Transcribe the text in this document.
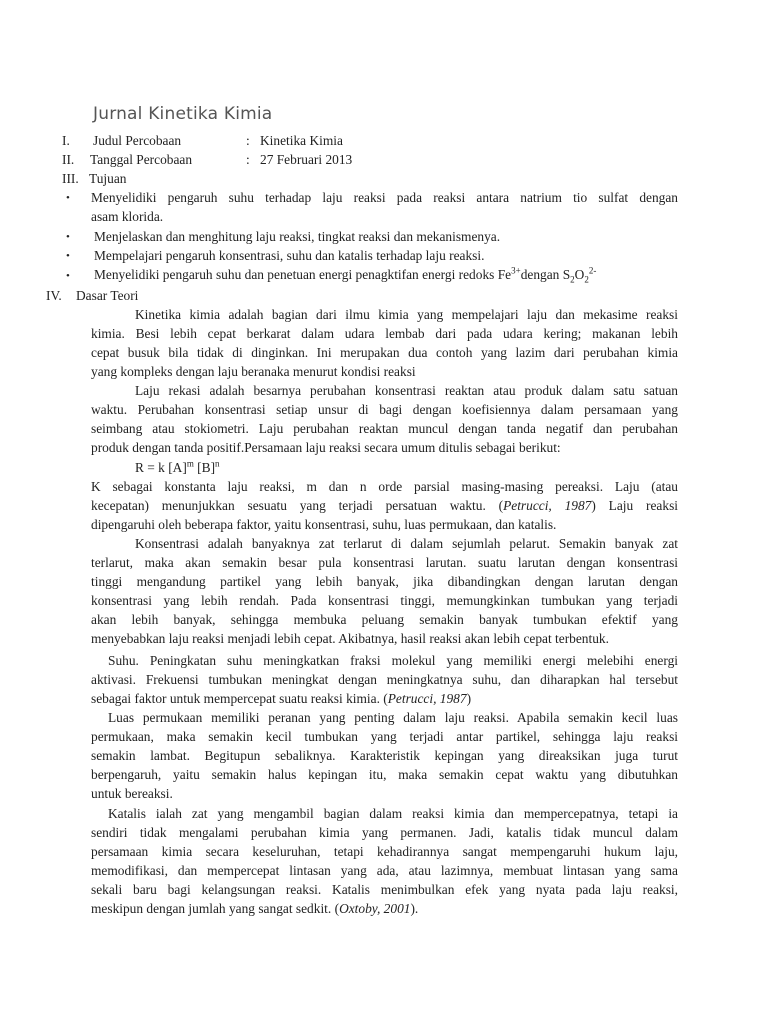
Jurnal Kinetika Kimia
I. Judul Percobaan	: Kinetika Kimia
II. Tanggal Percobaan	: 27 Februari 2013
III. Tujuan
• Menyelidiki pengaruh suhu terhadap laju reaksi pada reaksi antara natrium tio sulfat dengan
asam klorida.
• Menjelaskan dan menghitung laju reaksi, tingkat reaksi dan mekanismenya.
• Mempelajari pengaruh konsentrasi, suhu dan katalis terhadap laju reaksi.
• Menyelidiki pengaruh suhu dan penetuan energi penagktifan energi redoks $Fe^{3+}dengan$ $S_2O_2^{2-}$
IV. Dasar Teori
Kinetika kimia adalah bagian dari ilmu kimia yang mempelajari laju dan mekasime reaksi
kimia. Besi lebih cepat berkarat dalam udara lembab dari pada udara kering; makanan lebih
cepat busuk bila tidak di dinginkan. Ini merupakan dua contoh yang lazim dari perubahan kimia
yang kompleks dengan laju beranaka menurut kondisi reaksi
Laju rekasi adalah besarnya perubahan konsentrasi reaktan atau produk dalam satu satuan
waktu. Perubahan konsentrasi setiap unsur di bagi dengan koefisiennya dalam persamaan yang
seimbang atau stokiometri. Laju perubahan reaktan muncul dengan tanda negatif dan perubahan
produk dengan tanda positif.Persamaan laju reaksi secara umum ditulis sebagai berikut:
R = k $[A]^m$ $[B]^n$
K sebagai konstanta laju reaksi, m dan n orde parsial masing-masing pereaksi. Laju (atau
kecepatan) menunjukkan sesuatu yang terjadi persatuan waktu. (Petrucci, 1987) Laju reaksi
dipengaruhi oleh beberapa faktor, yaitu konsentrasi, suhu, luas permukaan, dan katalis.
Konsentrasi adalah banyaknya zat terlarut di dalam sejumlah pelarut. Semakin banyak zat
terlarut, maka akan semakin besar pula konsentrasi larutan. suatu larutan dengan konsentrasi
tinggi mengandung partikel yang lebih banyak, jika dibandingkan dengan larutan dengan
konsentrasi yang lebih rendah. Pada konsentrasi tinggi, memungkinkan tumbukan yang terjadi
akan lebih banyak, sehingga membuka peluang semakin banyak tumbukan efektif yang
menyebabkan laju reaksi menjadi lebih cepat. Akibatnya, hasil reaksi akan lebih cepat terbentuk.
Suhu. Peningkatan suhu meningkatkan fraksi molekul yang memiliki energi melebihi energi
aktivasi. Frekuensi tumbukan meningkat dengan meningkatnya suhu, dan diharapkan hal tersebut
sebagai faktor untuk mempercepat suatu reaksi kimia. (Petrucci, 1987)
Luas permukaan memiliki peranan yang penting dalam laju reaksi. Apabila semakin kecil luas
permukaan, maka semakin kecil tumbukan yang terjadi antar partikel, sehingga laju reaksi
semakin lambat. Begitupun sebaliknya. Karakteristik kepingan yang direaksikan juga turut
berpengaruh, yaitu semakin halus kepingan itu, maka semakin cepat waktu yang dibutuhkan
untuk bereaksi.
Katalis ialah zat yang mengambil bagian dalam reaksi kimia dan mempercepatnya, tetapi ia
sendiri tidak mengalami perubahan kimia yang permanen. Jadi, katalis tidak muncul dalam
persamaan kimia secara keseluruhan, tetapi kehadirannya sangat mempengaruhi hukum laju,
memodifikasi, dan mempercepat lintasan yang ada, atau lazimnya, membuat lintasan yang sama
sekali baru bagi kelangsungan reaksi. Katalis menimbulkan efek yang nyata pada laju reaksi,
meskipun dengan jumlah yang sangat sedkit. (Oxtoby, 2001).
